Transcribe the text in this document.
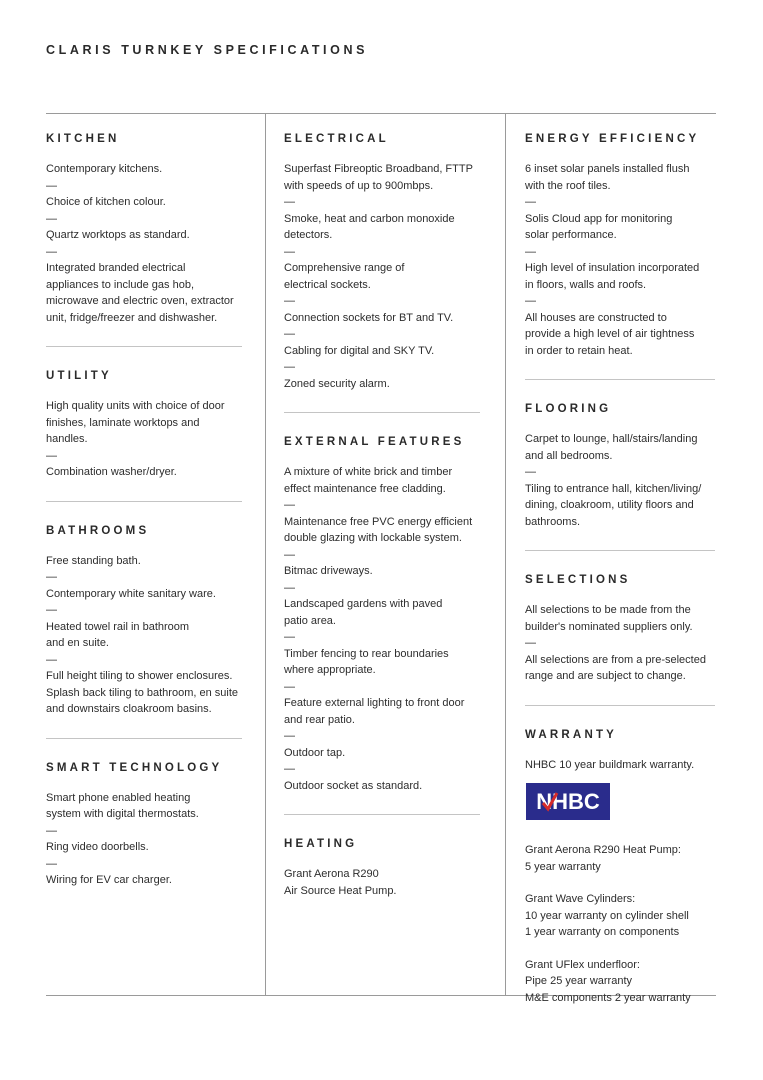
CLARIS TURNKEY SPECIFICATIONS
KITCHEN
Contemporary kitchens.
—
Choice of kitchen colour.
—
Quartz worktops as standard.
—
Integrated branded electrical
appliances to include gas hob,
microwave and electric oven, extractor
unit, fridge/freezer and dishwasher.
UTILITY
High quality units with choice of door
finishes, laminate worktops and handles.
—
Combination washer/dryer.
BATHROOMS
Free standing bath.
—
Contemporary white sanitary ware.
—
Heated towel rail in bathroom
and en suite.
—
Full height tiling to shower enclosures.
Splash back tiling to bathroom, en suite
and downstairs cloakroom basins.
SMART TECHNOLOGY
Smart phone enabled heating
system with digital thermostats.
—
Ring video doorbells.
—
Wiring for EV car charger.
ELECTRICAL
Superfast Fibreoptic Broadband, FTTP
with speeds of up to 900mbps.
—
Smoke, heat and carbon monoxide
detectors.
—
Comprehensive range of
electrical sockets.
—
Connection sockets for BT and TV.
—
Cabling for digital and SKY TV.
—
Zoned security alarm.
EXTERNAL FEATURES
A mixture of white brick and timber
effect maintenance free cladding.
—
Maintenance free PVC energy efficient
double glazing with lockable system.
—
Bitmac driveways.
—
Landscaped gardens with paved
patio area.
—
Timber fencing to rear boundaries
where appropriate.
—
Feature external lighting to front door
and rear patio.
—
Outdoor tap.
—
Outdoor socket as standard.
HEATING
Grant Aerona R290
Air Source Heat Pump.
ENERGY EFFICIENCY
6 inset solar panels installed flush
with the roof tiles.
—
Solis Cloud app for monitoring
solar performance.
—
High level of insulation incorporated
in floors, walls and roofs.
—
All houses are constructed to
provide a high level of air tightness
in order to retain heat.
FLOORING
Carpet to lounge, hall/stairs/landing
and all bedrooms.
—
Tiling to entrance hall, kitchen/living/
dining, cloakroom, utility floors and
bathrooms.
SELECTIONS
All selections to be made from the
builder's nominated suppliers only.
—
All selections are from a pre-selected
range and are subject to change.
WARRANTY
NHBC 10 year buildmark warranty.
NHBC
Grant Aerona R290 Heat Pump:
5 year warranty
Grant Wave Cylinders:
10 year warranty on cylinder shell
1 year warranty on components
Grant UFlex underfloor:
Pipe 25 year warranty
M&E components 2 year warranty
